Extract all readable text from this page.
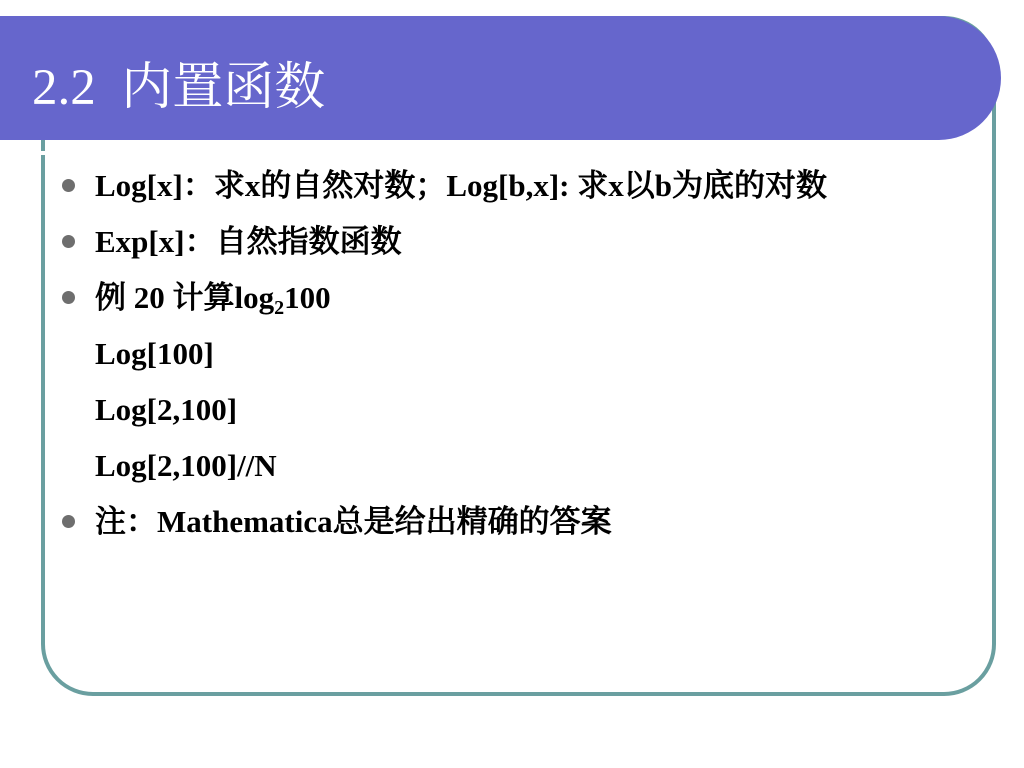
2.2  内置函数
Log[x]：求x的自然对数；Log[b,x]: 求x以b为底的对数
Exp[x]：自然指数函数
例 20 计算$\log_2100$
Log[100]
Log[2,100]
Log[2,100]//N
注：Mathematica总是给出精确的答案
